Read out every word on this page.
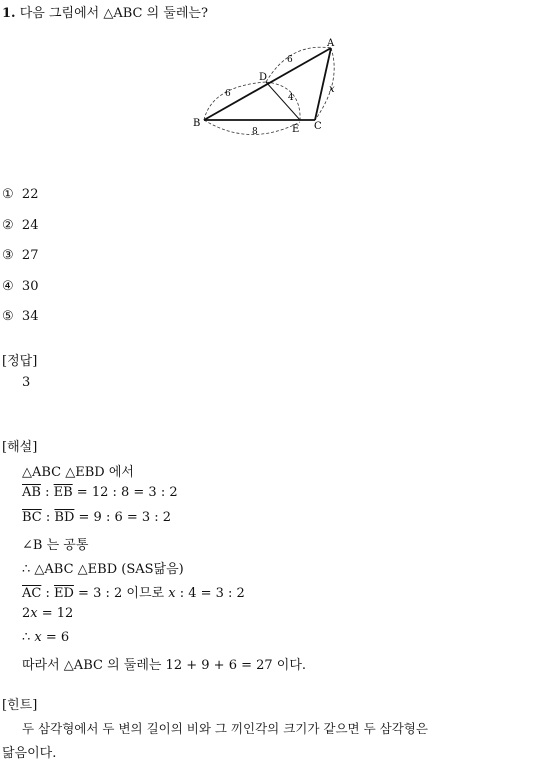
1. 다음 그림에서 △ABC 의 둘레는?
A
B	C
D
E
6
6
8
4
x
① 22
② 24
③ 27
④ 30
⑤ 34
[정답]
3
[해설]
△ABC △EBD 에서
$\overline{AB}$ : $\overline{EB} = 12$ : 8 = 3 : 2
$\overline{BC}$ : $\overline{BD} = 9$ : 6 = 3 : 2
∠B 는 공통
∴ △ABC △EBD (SAS닮음)
$\overline{AC}$ : $\overline{ED} = 3$ : 2 이므로 x : 4 = 3 : 2
2x = 12
∴ x = 6
따라서 △ABC 의 둘레는 12 + 9 + 6 = 27 이다.
[힌트]
두 삼각형에서 두 변의 길이의 비와 그 끼인각의 크기가 같으면 두 삼각형은
닮음이다.
